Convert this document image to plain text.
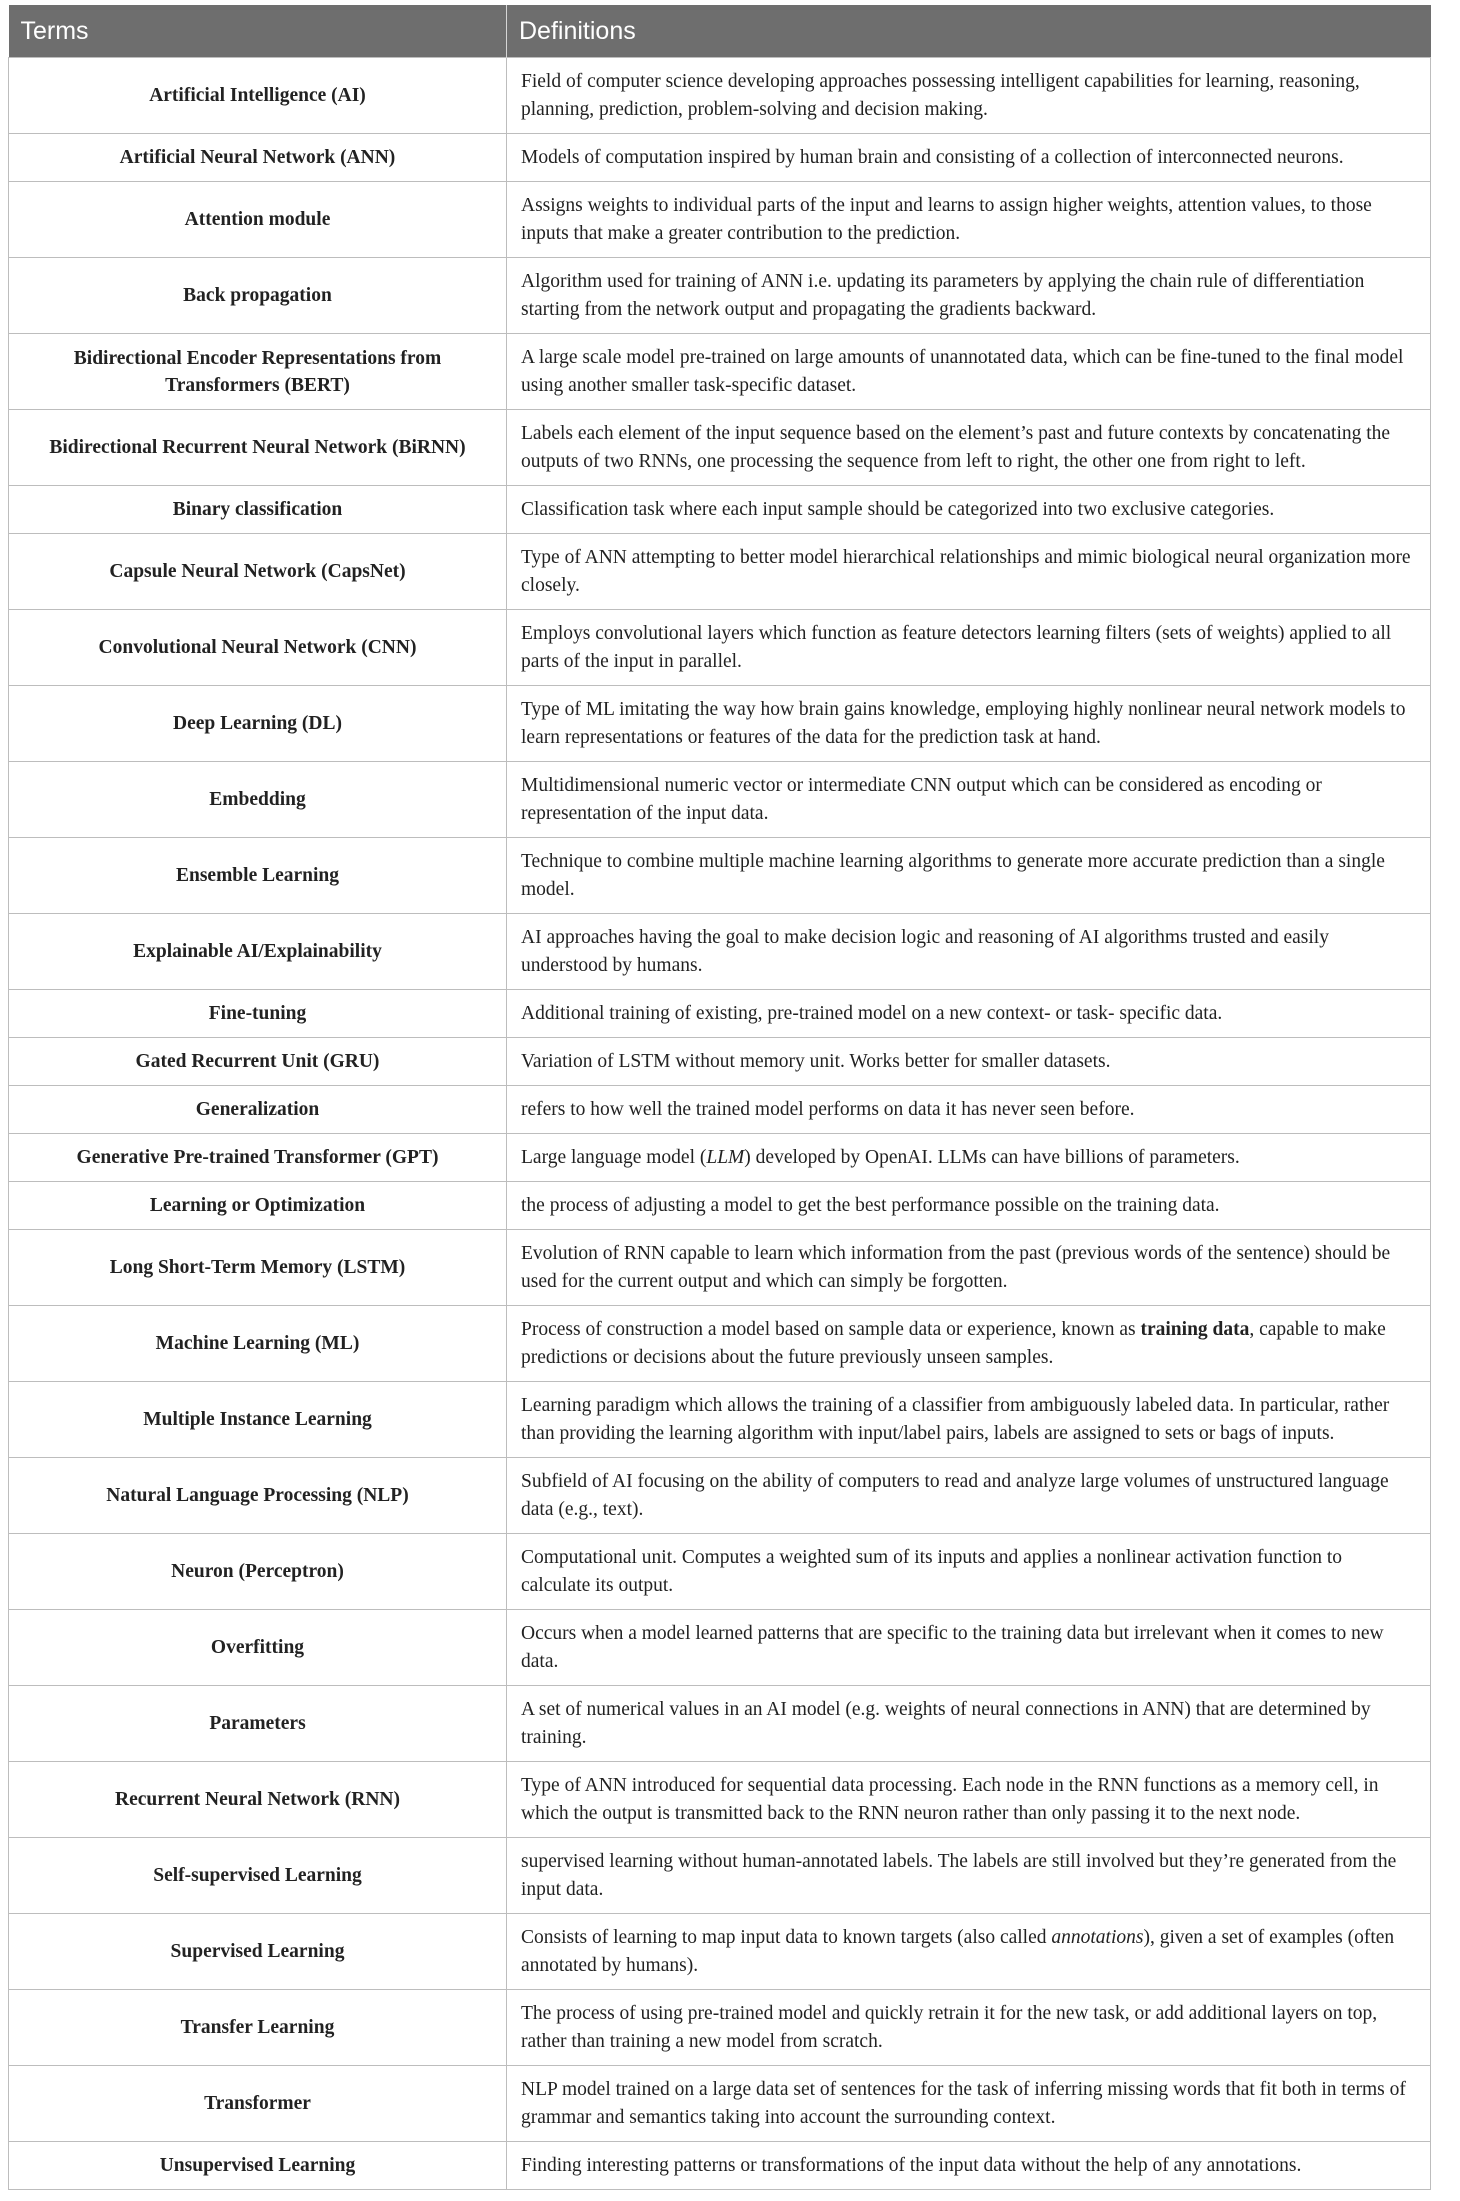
Terms	Definitions
Artificial Intelligence (AI)	Field of computer science developing approaches possessing intelligent capabilities for learning, reasoning, planning, prediction, problem-solving and decision making.
Artificial Neural Network (ANN)	Models of computation inspired by human brain and consisting of a collection of interconnected neurons.
Attention module	Assigns weights to individual parts of the input and learns to assign higher weights, attention values, to those inputs that make a greater contribution to the prediction.
Back propagation	Algorithm used for training of ANN i.e. updating its parameters by applying the chain rule of differentiation starting from the network output and propagating the gradients backward.
Bidirectional Encoder Representations from Transformers (BERT)	A large scale model pre-trained on large amounts of unannotated data, which can be fine-tuned to the final model using another smaller task-specific dataset.
Bidirectional Recurrent Neural Network (BiRNN)	Labels each element of the input sequence based on the element’s past and future contexts by concatenating the outputs of two RNNs, one processing the sequence from left to right, the other one from right to left.
Binary classification	Classification task where each input sample should be categorized into two exclusive categories.
Capsule Neural Network (CapsNet)	Type of ANN attempting to better model hierarchical relationships and mimic biological neural organization more closely.
Convolutional Neural Network (CNN)	Employs convolutional layers which function as feature detectors learning filters (sets of weights) applied to all parts of the input in parallel.
Deep Learning (DL)	Type of ML imitating the way how brain gains knowledge, employing highly nonlinear neural network models to learn representations or features of the data for the prediction task at hand.
Embedding	Multidimensional numeric vector or intermediate CNN output which can be considered as encoding or representation of the input data.
Ensemble Learning	Technique to combine multiple machine learning algorithms to generate more accurate prediction than a single model.
Explainable AI/Explainability	AI approaches having the goal to make decision logic and reasoning of AI algorithms trusted and easily understood by humans.
Fine-tuning	Additional training of existing, pre-trained model on a new context- or task- specific data.
Gated Recurrent Unit (GRU)	Variation of LSTM without memory unit. Works better for smaller datasets.
Generalization	refers to how well the trained model performs on data it has never seen before.
Generative Pre-trained Transformer (GPT)	Large language model (LLM) developed by OpenAI. LLMs can have billions of parameters.
Learning or Optimization	the process of adjusting a model to get the best performance possible on the training data.
Long Short-Term Memory (LSTM)	Evolution of RNN capable to learn which information from the past (previous words of the sentence) should be used for the current output and which can simply be forgotten.
Machine Learning (ML)	Process of construction a model based on sample data or experience, known as training data, capable to make predictions or decisions about the future previously unseen samples.
Multiple Instance Learning	Learning paradigm which allows the training of a classifier from ambiguously labeled data. In particular, rather than providing the learning algorithm with input/label pairs, labels are assigned to sets or bags of inputs.
Natural Language Processing (NLP)	Subfield of AI focusing on the ability of computers to read and analyze large volumes of unstructured language data (e.g., text).
Neuron (Perceptron)	Computational unit. Computes a weighted sum of its inputs and applies a nonlinear activation function to calculate its output.
Overfitting	Occurs when a model learned patterns that are specific to the training data but irrelevant when it comes to new data.
Parameters	A set of numerical values in an AI model (e.g. weights of neural connections in ANN) that are determined by training.
Recurrent Neural Network (RNN)	Type of ANN introduced for sequential data processing. Each node in the RNN functions as a memory cell, in which the output is transmitted back to the RNN neuron rather than only passing it to the next node.
Self-supervised Learning	supervised learning without human-annotated labels. The labels are still involved but they’re generated from the input data.
Supervised Learning	Consists of learning to map input data to known targets (also called annotations), given a set of examples (often annotated by humans).
Transfer Learning	The process of using pre-trained model and quickly retrain it for the new task, or add additional layers on top, rather than training a new model from scratch.
Transformer	NLP model trained on a large data set of sentences for the task of inferring missing words that fit both in terms of grammar and semantics taking into account the surrounding context.
Unsupervised Learning	Finding interesting patterns or transformations of the input data without the help of any annotations.
